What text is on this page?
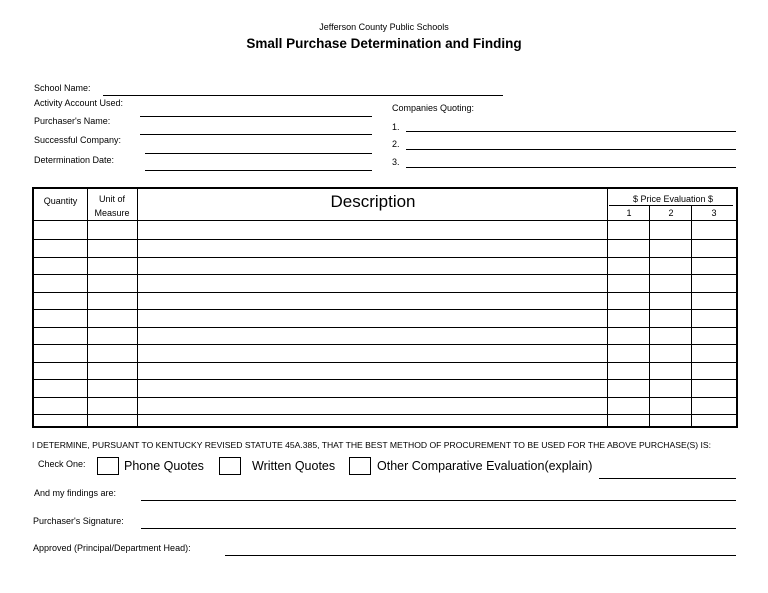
Jefferson County Public Schools
Small Purchase Determination and Finding
School Name:
Activity Account Used:
Purchaser's Name:
Successful Company:
Determination Date:
Companies Quoting:
1.
2.
3.
Quantity	Unit of
Measure
Description	$ Price Evaluation $
1	2	3
I DETERMINE, PURSUANT TO KENTUCKY REVISED STATUTE 45A.385, THAT THE BEST METHOD OF PROCUREMENT TO BE USED FOR THE ABOVE PURCHASE(S) IS:
Check One:	Phone Quotes	Written Quotes	Other Comparative Evaluation(explain)
And my findings are:
Purchaser's Signature:
Approved (Principal/Department Head):
